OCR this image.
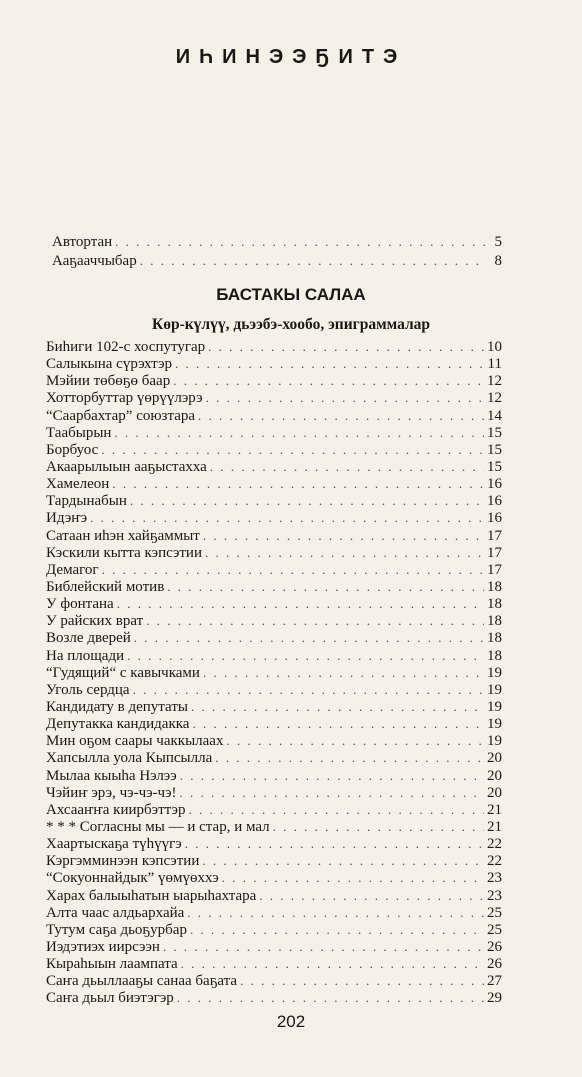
ИҺИНЭЭҔИТЭ
Автортан . . .	5
Ааҕааччыбар . . .	8
БАСТАКЫ САЛАА
Көр-күлүү, дьээбэ-хообо, эпиграммалар
Биһиги 102-с хоспутугар . . .	10
Салыкына сүрэхтэр . . .	11
Мэйии төбөҕө баар . . .	12
Хотторбуттар үөрүүлэрэ . . .	12
“Саарбахтар” союзтара . . .	14
Таабырын . . .	15
Борбуос . . .	15
Акаарылыын ааҕыстахха . . .	15
Хамелеон . . .	16
Тардынабын . . .	16
Идэҥэ . . .	16
Сатаан иһэн хайҕаммыт . . .	17
Кэскили кытта кэпсэтии . . .	17
Демагог . . .	17
Библейский мотив . . .	18
У фонтана . . .	18
У райских врат . . .	18
Возле дверей . . .	18
На площади . . .	18
“Гудящий“ с кавычками . . .	19
Уголь сердца . . .	19
Кандидату в депутаты . . .	19
Депутакка кандидакка . . .	19
Мин оҕом саары чаккылаах . . .	19
Хапсылла уола Кыпсылла . . .	20
Мылаа кыыһа Нэлээ . . .	20
Чэйиҥ эрэ, чэ-чэ-чэ! . . .	20
Ахсааҥҥа киирбэттэр . . .	21
* * * Согласны мы — и стар, и мал . . .	21
Хаартыскаҕа түһүүгэ . . .	22
Кэргэмминээн кэпсэтии . . .	22
“Сокуоннайдык” үөмүөххэ . . .	23
Харах балыыһатын ыарыһахтара . . .	23
Алта чаас алдьархайа . . .	25
Тутум саҕа дьоҕурбар . . .	25
Иэдэтиэх иирсээн . . .	26
Кыраһыын лаампата . . .	26
Саҥа дьыллааҕы санаа баҕата . . .	27
Саҥа дьыл биэтэгэр . . .	29
202
